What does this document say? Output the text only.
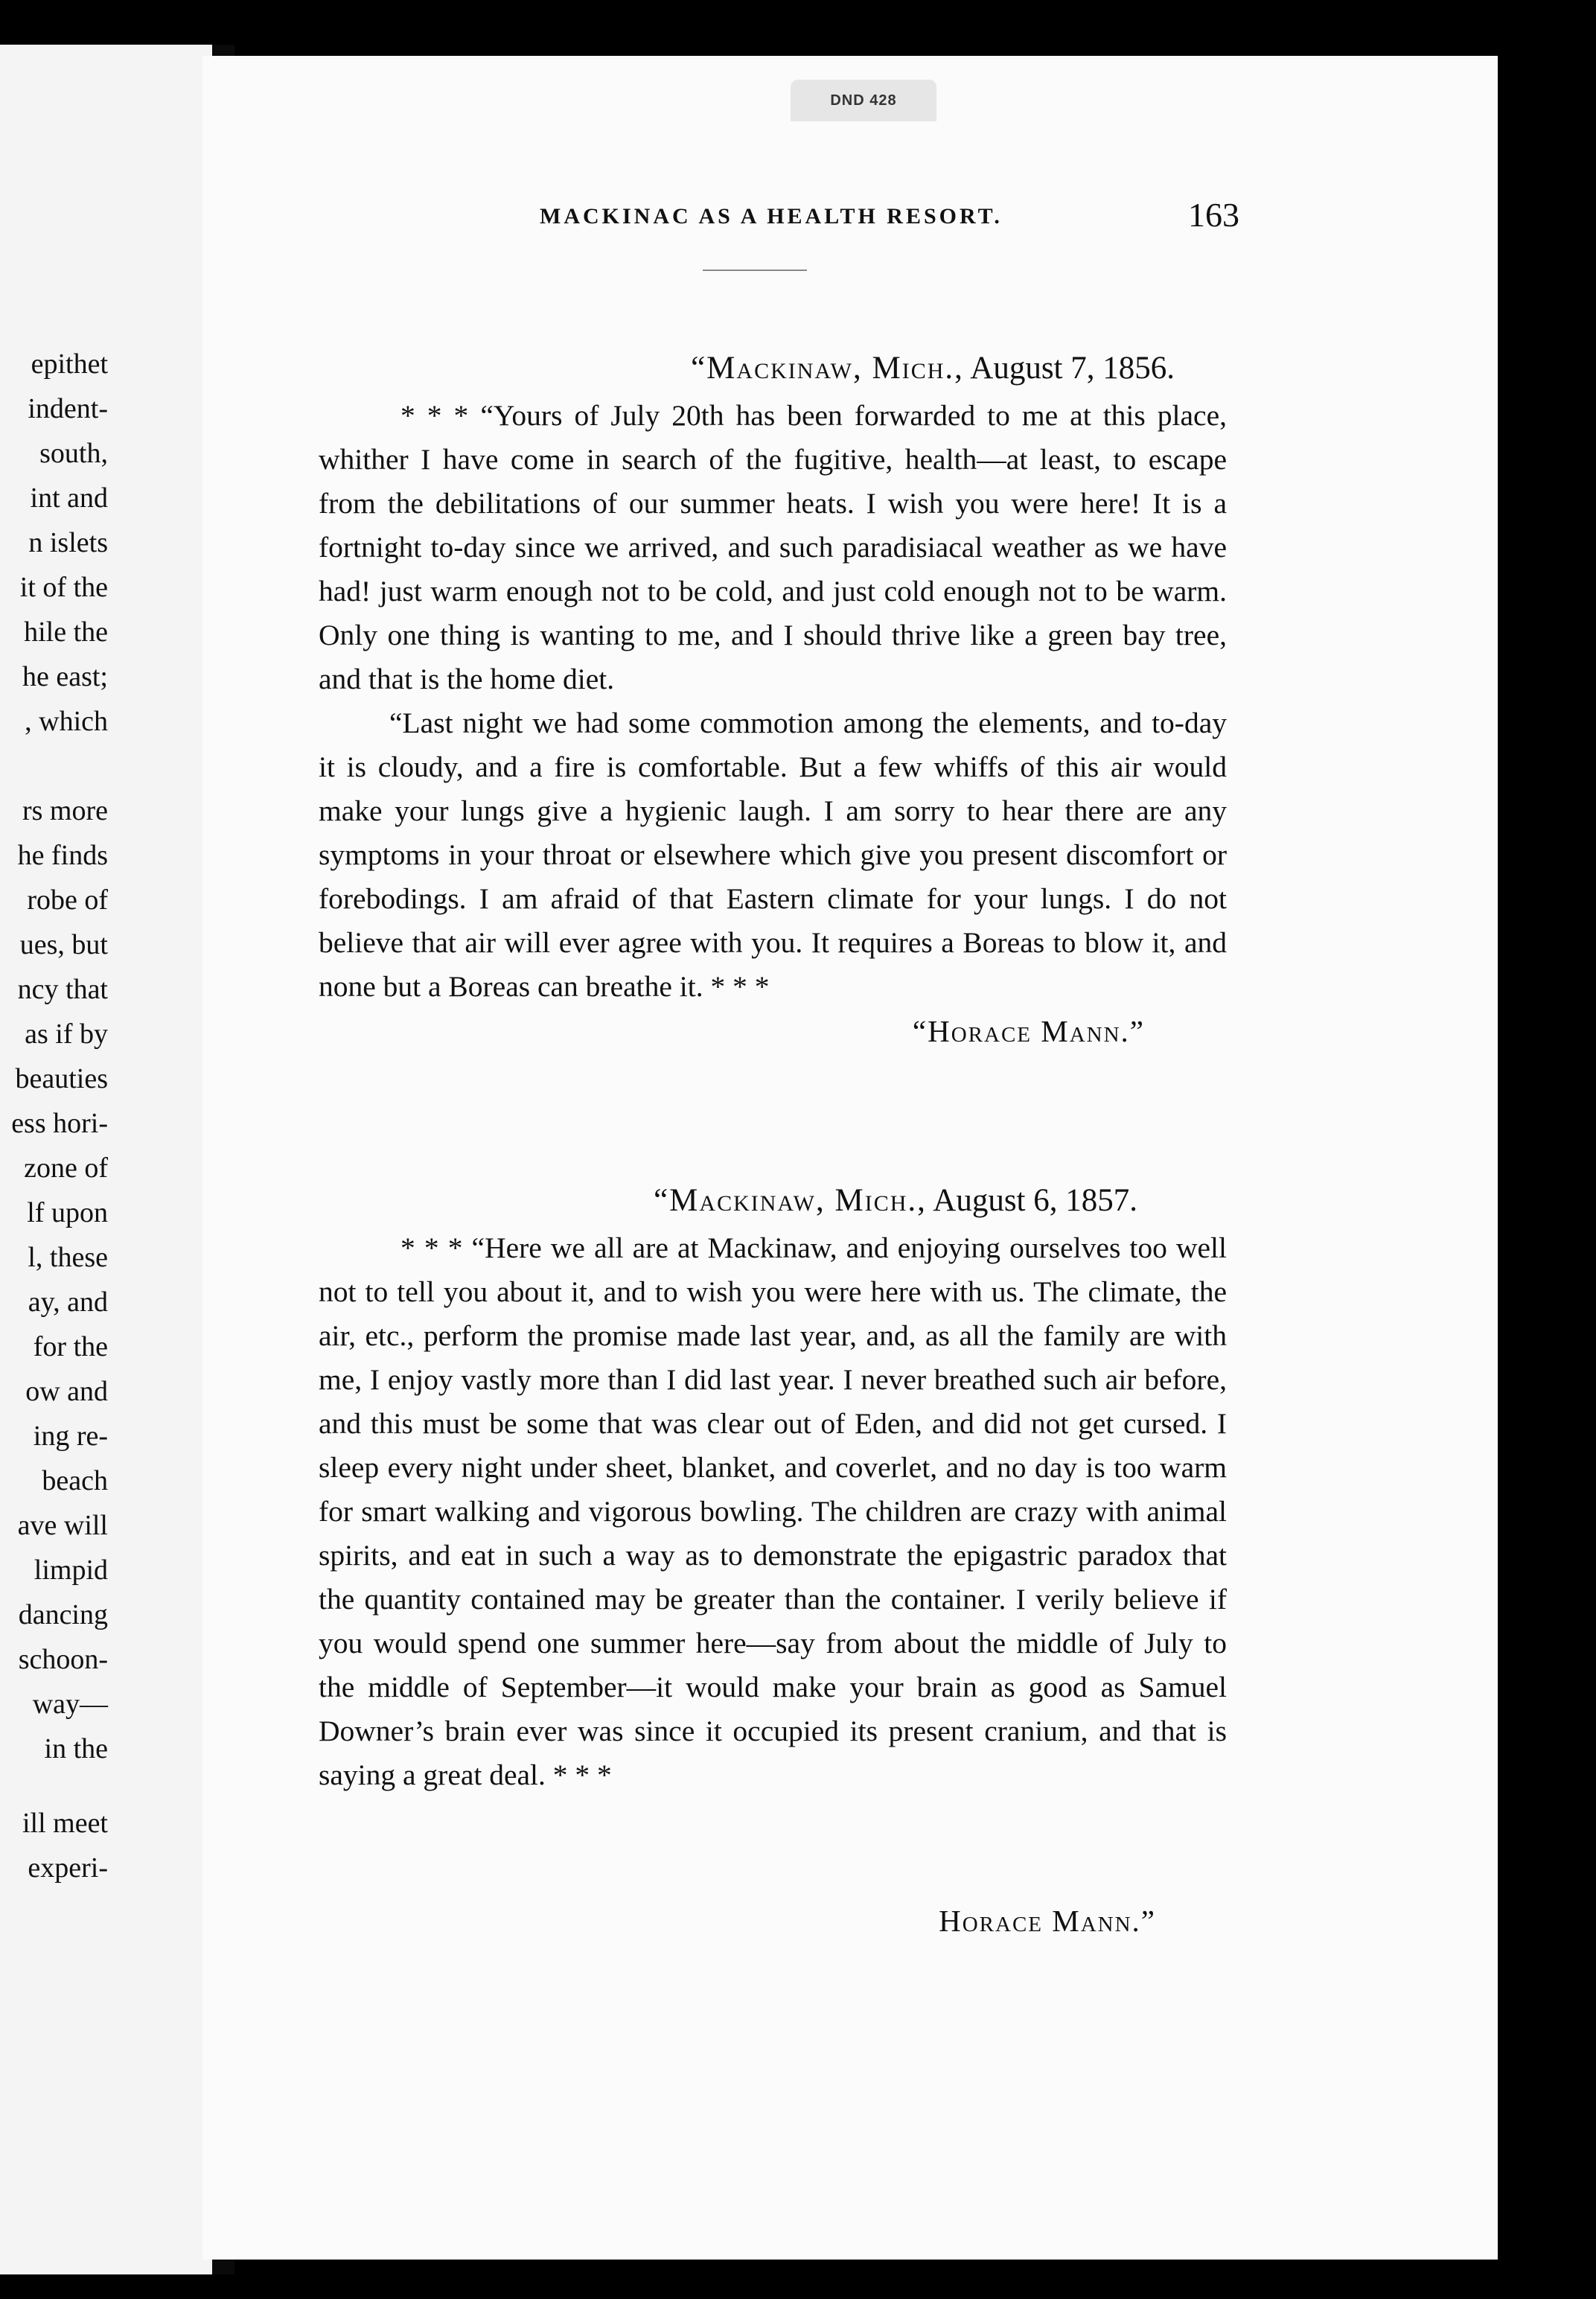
epithet
indent-
south,
int and
n islets
it of the
hile the
he east;
, which
rs more
he finds
robe of
ues, but
ncy that
as if by
beauties
ess hori-
zone of
lf upon
l, these
ay, and
for the
ow and
ing re-
beach
ave will
limpid
dancing
schoon-
way—
in the
ill meet
experi-
DND 428
MACKINAC AS A HEALTH RESORT.	163

“Mackinaw, Mich., August 7, 1856.

* * * “Yours of July 20th has been forwarded to me at this place, whither I have come in search of the fugitive, health—at least, to escape from the debilitations of our summer heats. I wish you were here! It is a fortnight to-day since we arrived, and such paradisiacal weather as we have had! just warm enough not to be cold, and just cold enough not to be warm. Only one thing is wanting to me, and I should thrive like a green bay tree, and that is the home diet.

“Last night we had some commotion among the elements, and to-day it is cloudy, and a fire is comfortable. But a few whiffs of this air would make your lungs give a hygienic laugh. I am sorry to hear there are any symptoms in your throat or elsewhere which give you present discomfort or forebodings. I am afraid of that Eastern climate for your lungs. I do not believe that air will ever agree with you. It requires a Boreas to blow it, and none but a Boreas can breathe it. * * *

“Horace Mann.”

“Mackinaw, Mich., August 6, 1857.

* * * “Here we all are at Mackinaw, and enjoying ourselves too well not to tell you about it, and to wish you were here with us. The climate, the air, etc., perform the promise made last year, and, as all the family are with me, I enjoy vastly more than I did last year. I never breathed such air before, and this must be some that was clear out of Eden, and did not get cursed. I sleep every night under sheet, blanket, and coverlet, and no day is too warm for smart walking and vigorous bowling. The children are crazy with animal spirits, and eat in such a way as to demonstrate the epigastric paradox that the quantity contained may be greater than the container. I verily believe if you would spend one summer here—say from about the middle of July to the middle of September—it would make your brain as good as Samuel Downer’s brain ever was since it occupied its present cranium, and that is saying a great deal. * * *

Horace Mann.”
